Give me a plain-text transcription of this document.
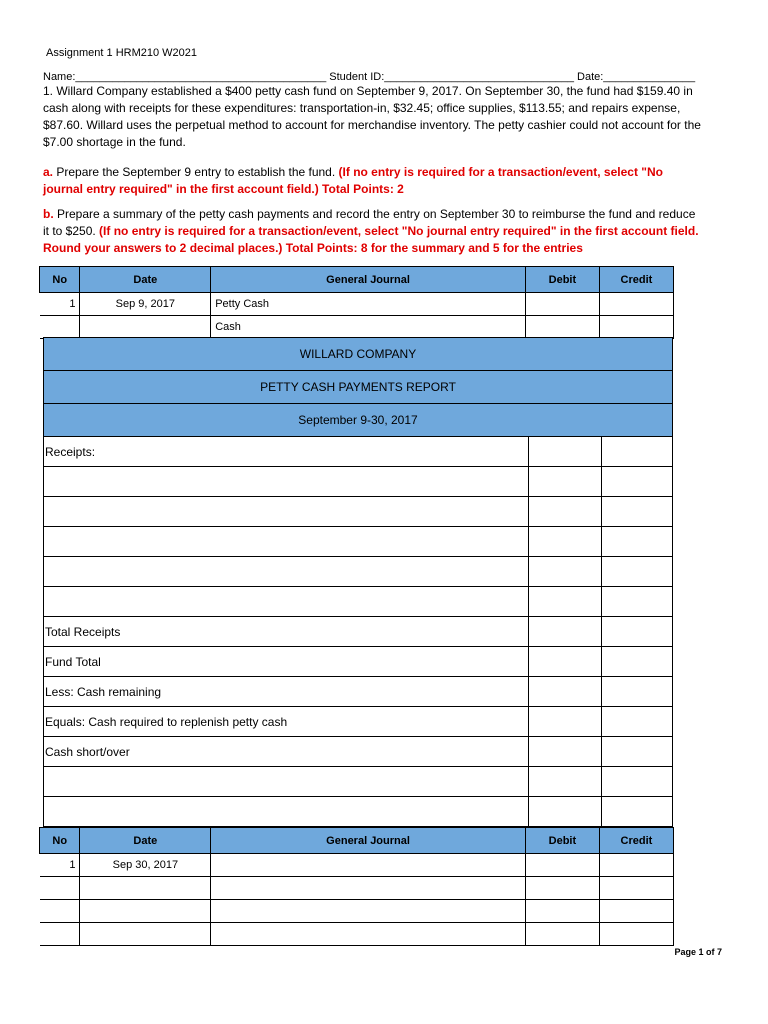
Assignment 1 HRM210 W2021
Name:_________________________________________ Student ID:_______________________________ Date:_______________
1. Willard Company established a $400 petty cash fund on September 9, 2017. On September 30, the fund had $159.40 in cash along with receipts for these expenditures: transportation-in, $32.45; office supplies, $113.55; and repairs expense, $87.60. Willard uses the perpetual method to account for merchandise inventory. The petty cashier could not account for the $7.00 shortage in the fund.
a. Prepare the September 9 entry to establish the fund. (If no entry is required for a transaction/event, select "No journal entry required" in the first account field.) Total Points: 2
b. Prepare a summary of the petty cash payments and record the entry on September 30 to reimburse the fund and reduce it to $250. (If no entry is required for a transaction/event, select "No journal entry required" in the first account field. Round your answers to 2 decimal places.) Total Points: 8 for the summary and 5 for the entries
No	Date	General Journal	Debit	Credit
1	Sep 9, 2017	Petty Cash		
		Cash		
WILLARD COMPANY		
PETTY CASH PAYMENTS REPORT		
September 9-30, 2017		
Receipts:		

Total Receipts		
Fund Total		
Less: Cash remaining		
Equals: Cash required to replenish petty cash		
Cash short/over		

No	Date	General Journal	Debit	Credit
1	Sep 30, 2017			

Page 1 of 7
